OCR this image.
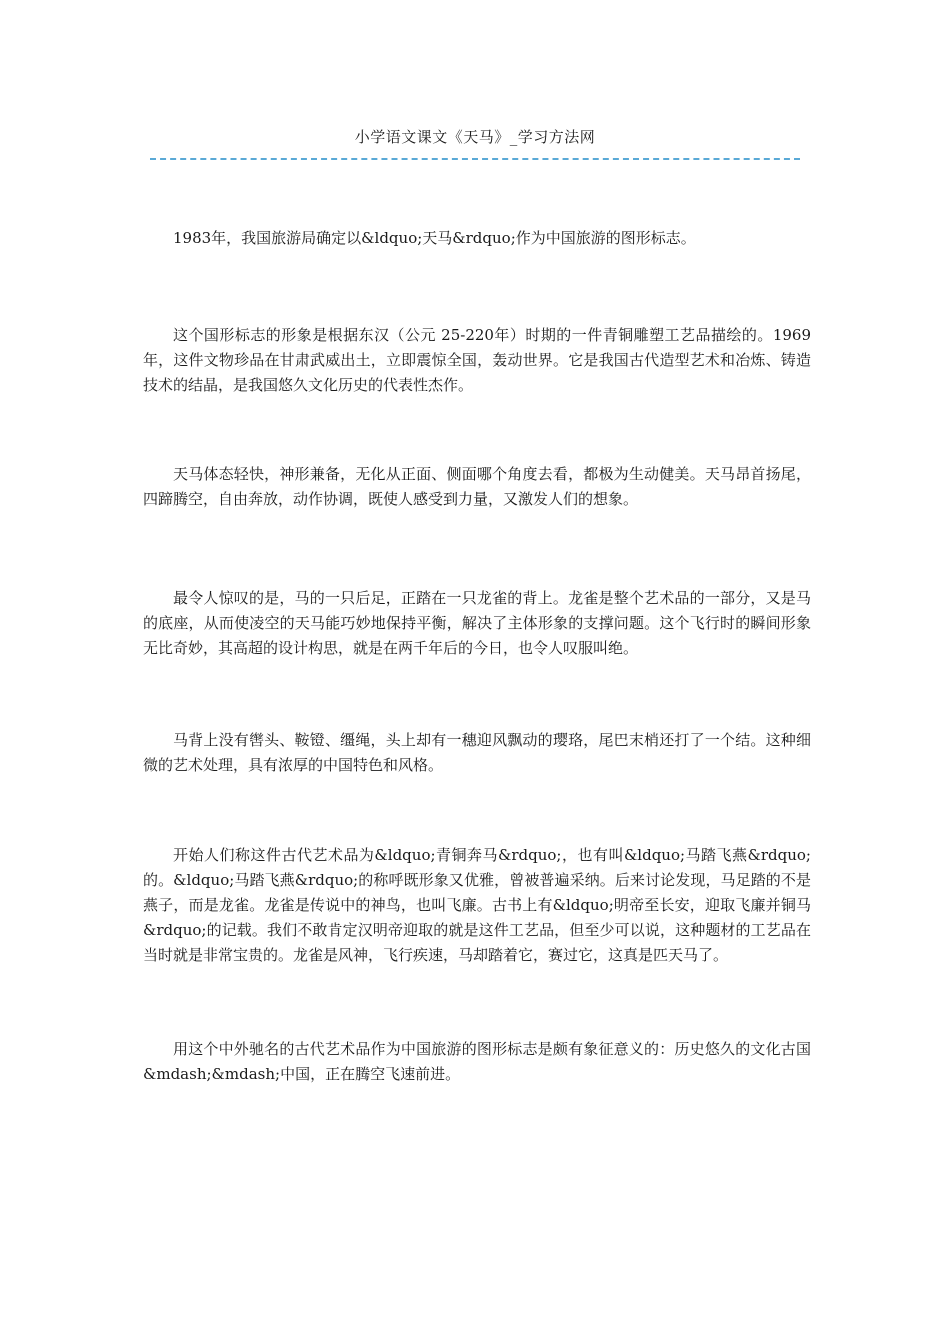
小学语文课文《天马》_学习方法网

1983年，我国旅游局确定以&ldquo;天马&rdquo;作为中国旅游的图形标志。

这个国形标志的形象是根据东汉（公元 25-220年）时期的一件青铜雕塑工艺品描绘的。1969年，这件文物珍品在甘肃武威出土，立即震惊全国，轰动世界。它是我国古代造型艺术和冶炼、铸造技术的结晶，是我国悠久文化历史的代表性杰作。

天马体态轻快，神形兼备，无化从正面、侧面哪个角度去看，都极为生动健美。天马昂首扬尾，四蹄腾空，自由奔放，动作协调，既使人感受到力量，又激发人们的想象。

最令人惊叹的是，马的一只后足，正踏在一只龙雀的背上。龙雀是整个艺术品的一部分，又是马的底座，从而使凌空的天马能巧妙地保持平衡，解决了主体形象的支撑问题。这个飞行时的瞬间形象无比奇妙，其高超的设计构思，就是在两千年后的今日，也令人叹服叫绝。

马背上没有辔头、鞍镫、缰绳，头上却有一穗迎风飘动的璎珞，尾巴末梢还打了一个结。这种细微的艺术处理，具有浓厚的中国特色和风格。

开始人们称这件古代艺术品为&ldquo;青铜奔马&rdquo;，也有叫&ldquo;马踏飞燕&rdquo;的。&ldquo;马踏飞燕&rdquo;的称呼既形象又优雅，曾被普遍采纳。后来讨论发现，马足踏的不是燕子，而是龙雀。龙雀是传说中的神鸟，也叫飞廉。古书上有&ldquo;明帝至长安，迎取飞廉并铜马&rdquo;的记载。我们不敢肯定汉明帝迎取的就是这件工艺品，但至少可以说，这种题材的工艺品在当时就是非常宝贵的。龙雀是风神，飞行疾速，马却踏着它，赛过它，这真是匹天马了。

用这个中外驰名的古代艺术品作为中国旅游的图形标志是颇有象征意义的：历史悠久的文化古国&mdash;&mdash;中国，正在腾空飞速前进。
